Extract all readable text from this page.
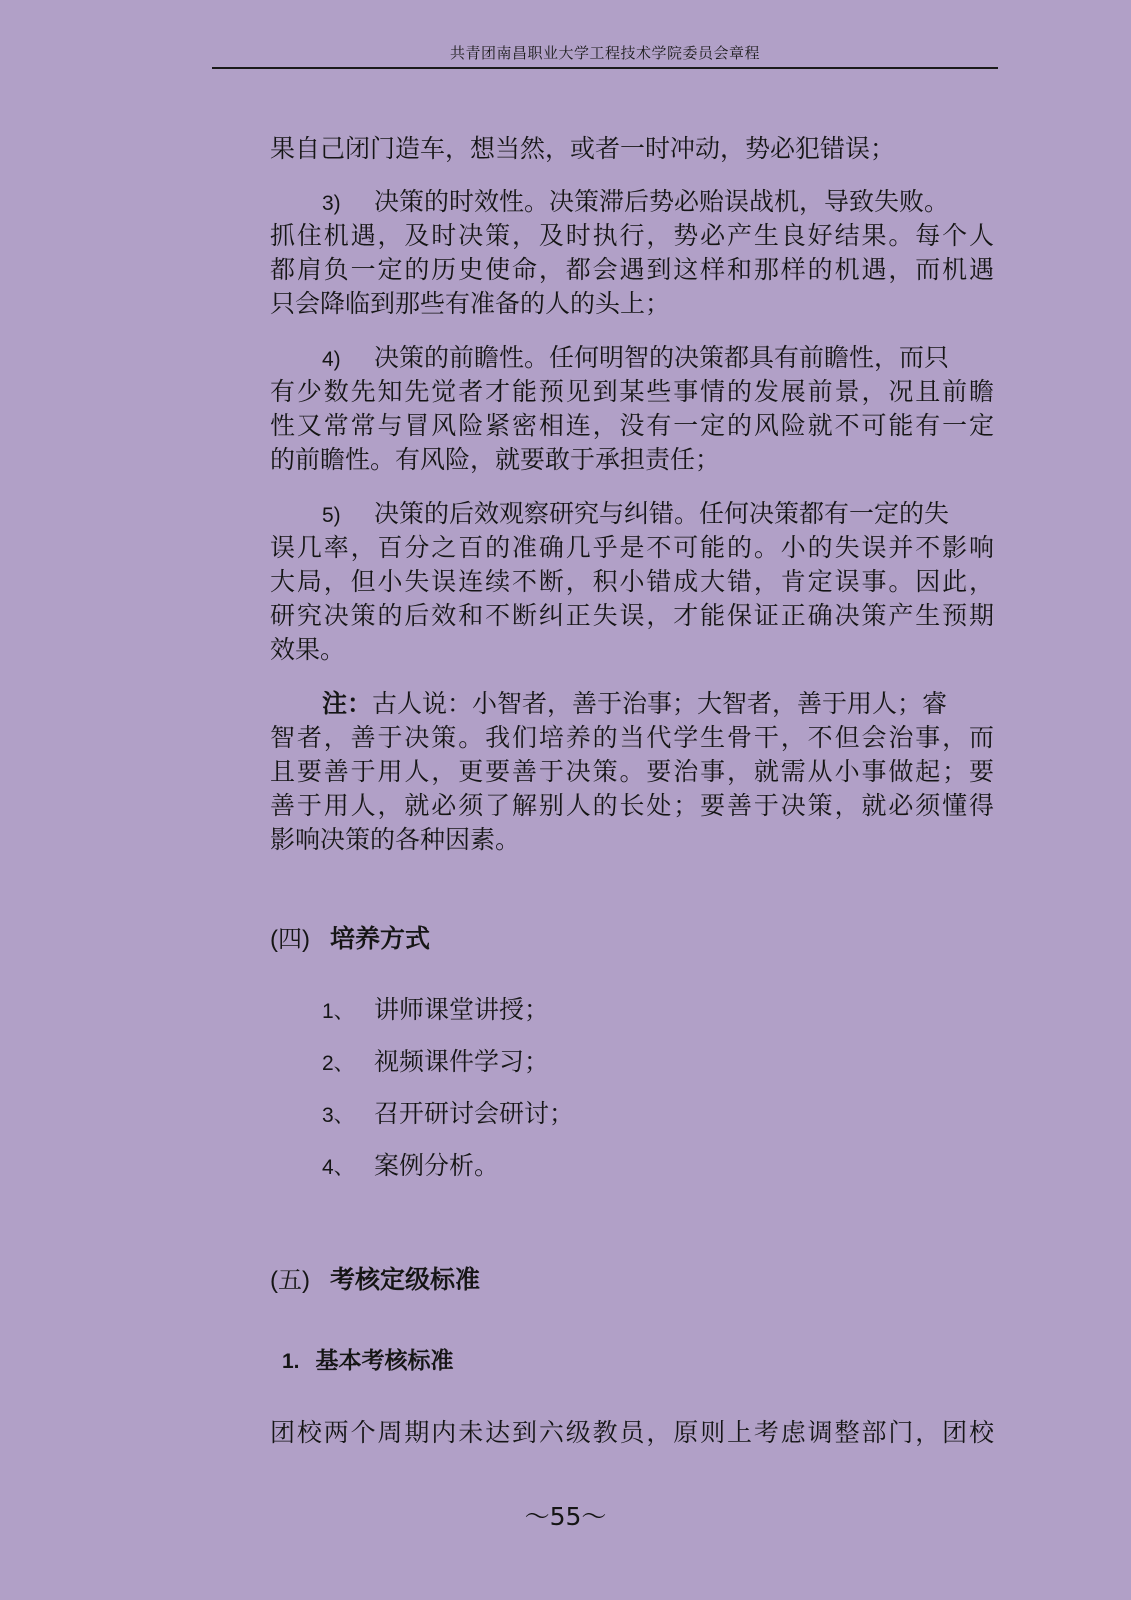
共青团南昌职业大学工程技术学院委员会章程
果自己闭门造车，想当然，或者一时冲动，势必犯错误；
3) 决策的时效性。决策滞后势必贻误战机，导致失败。
抓住机遇，及时决策，及时执行，势必产生良好结果。每个人
都肩负一定的历史使命，都会遇到这样和那样的机遇，而机遇
只会降临到那些有准备的人的头上；
4) 决策的前瞻性。任何明智的决策都具有前瞻性，而只
有少数先知先觉者才能预见到某些事情的发展前景，况且前瞻
性又常常与冒风险紧密相连，没有一定的风险就不可能有一定
的前瞻性。有风险，就要敢于承担责任；
5) 决策的后效观察研究与纠错。任何决策都有一定的失
误几率，百分之百的准确几乎是不可能的。小的失误并不影响
大局，但小失误连续不断，积小错成大错，肯定误事。因此，
研究决策的后效和不断纠正失误，才能保证正确决策产生预期
效果。
注：古人说：小智者，善于治事；大智者，善于用人；睿
智者，善于决策。我们培养的当代学生骨干，不但会治事，而
且要善于用人，更要善于决策。要治事，就需从小事做起；要
善于用人，就必须了解别人的长处；要善于决策，就必须懂得
影响决策的各种因素。
(四) 培养方式
1、 讲师课堂讲授；
2、 视频课件学习；
3、 召开研讨会研讨；
4、 案例分析。
(五) 考核定级标准
1. 基本考核标准
团校两个周期内未达到六级教员，原则上考虑调整部门，团校
～55～
